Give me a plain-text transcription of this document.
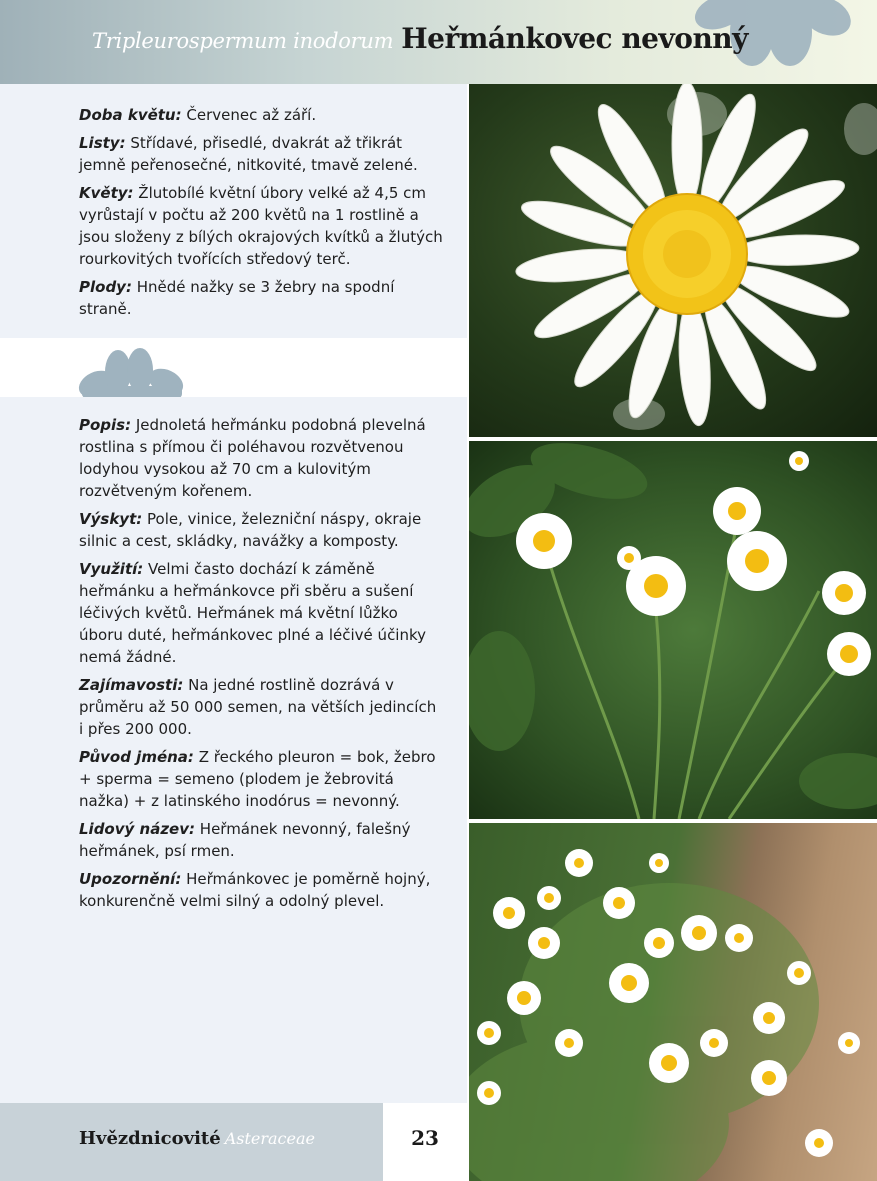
Tripleurospermum inodorum Heřmánkovec nevonný

Doba květu: Červenec až září.

Listy: Střídavé, přisedlé, dvakrát až třikrát jemně peřenosečné, nitkovité, tmavě zelené.

Květy: Žlutobílé květní úbory velké až 4,5 cm vyrůstají v počtu až 200 květů na 1 rostlině a jsou složeny z bílých okrajových kvítků a žlutých rourkovitých tvořících středový terč.

Plody: Hnědé nažky se 3 žebry na spodní straně.

Popis: Jednoletá heřmánku podobná plevelná rostlina s přímou či poléhavou rozvětvenou lodyhou vysokou až 70 cm a kulovitým rozvětveným kořenem.

Výskyt: Pole, vinice, železniční náspy, okraje silnic a cest, skládky, navážky a komposty.

Využití: Velmi často dochází k záměně heřmánku a heřmánkovce při sběru a sušení léčivých květů. Heřmánek má květní lůžko úboru duté, heřmánkovec plné a léčivé účinky nemá žádné.

Zajímavosti: Na jedné rostlině dozrává v průměru až 50 000 semen, na větších jedincích i přes 200 000.

Původ jména: Z řeckého pleuron = bok, žebro + sperma = semeno (plodem je žebrovitá nažka) + z latinského inodórus = nevonný.

Lidový název: Heřmánek nevonný, falešný heřmánek, psí rmen.

Upozornění: Heřmánkovec je poměrně hojný, konkurenčně velmi silný a odolný plevel.

Hvězdnicovité Asteraceae	23
